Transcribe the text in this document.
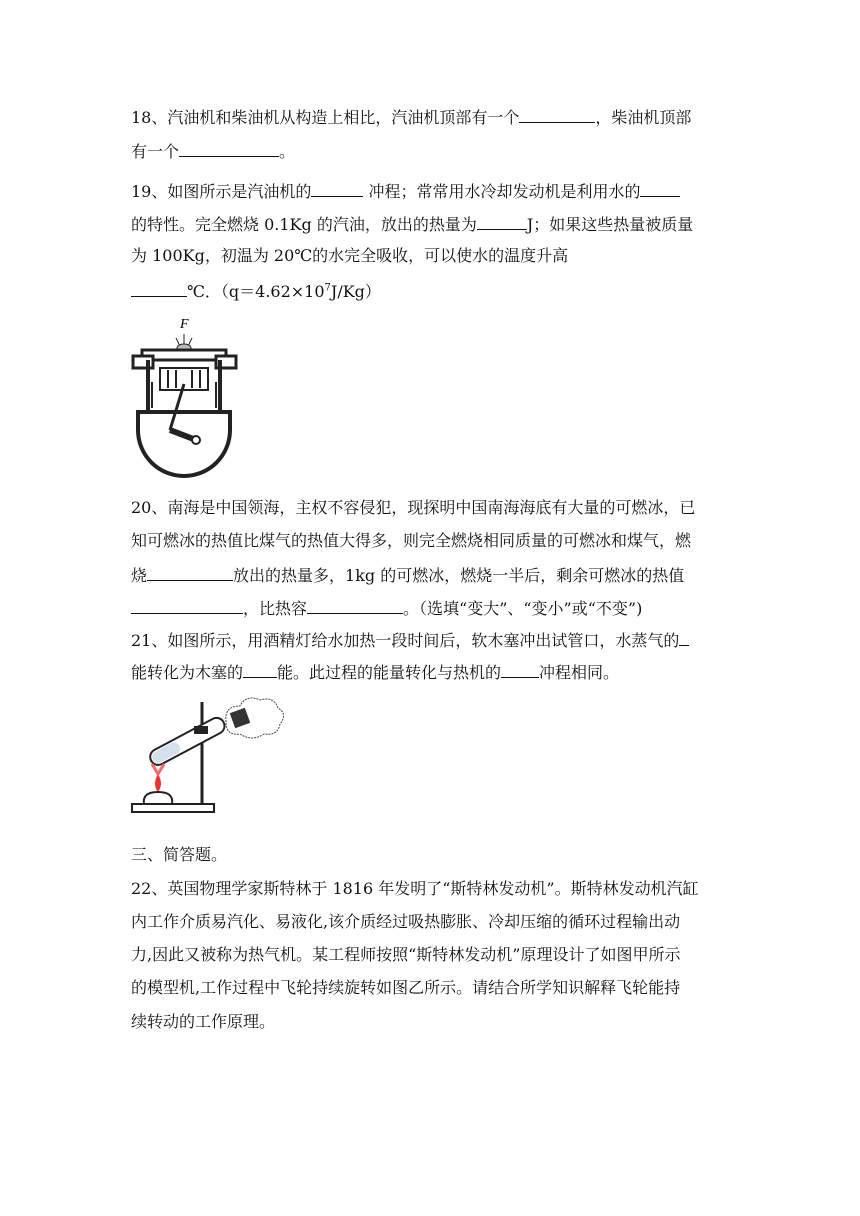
18、汽油机和柴油机从构造上相比，汽油机顶部有一个	，柴油机顶部
有一个	。
19、如图所示是汽油机的	冲程；常常用水冷却发动机是利用水的
的特性。完全燃烧 0.1Kg 的汽油，放出的热量为	J；如果这些热量被质量
为 100Kg，初温为 20℃的水完全吸收，可以使水的温度升高
℃．$(q=4.62\times 10^7J/Kg)$
F
20、南海是中国领海，主权不容侵犯，现探明中国南海海底有大量的可燃冰，已
知可燃冰的热值比煤气的热值大得多，则完全燃烧相同质量的可燃冰和煤气，燃
烧	放出的热量多，1kg 的可燃冰，燃烧一半后，剩余可燃冰的热值
，比热容	。（选填“变大”、“变小”或“不变”)
21、如图所示，用酒精灯给水加热一段时间后，软木塞冲出试管口，水蒸气的
能转化为木塞的 能。此过程的能量转化与热机的 冲程相同。
三、简答题。
22、英国物理学家斯特林于 1816 年发明了“斯特林发动机”。斯特林发动机汽缸
内工作介质易汽化、易液化,该介质经过吸热膨胀、冷却压缩的循环过程输出动
力,因此又被称为热气机。某工程师按照“斯特林发动机”原理设计了如图甲所示
的模型机,工作过程中飞轮持续旋转如图乙所示。请结合所学知识解释飞轮能持
续转动的工作原理。
